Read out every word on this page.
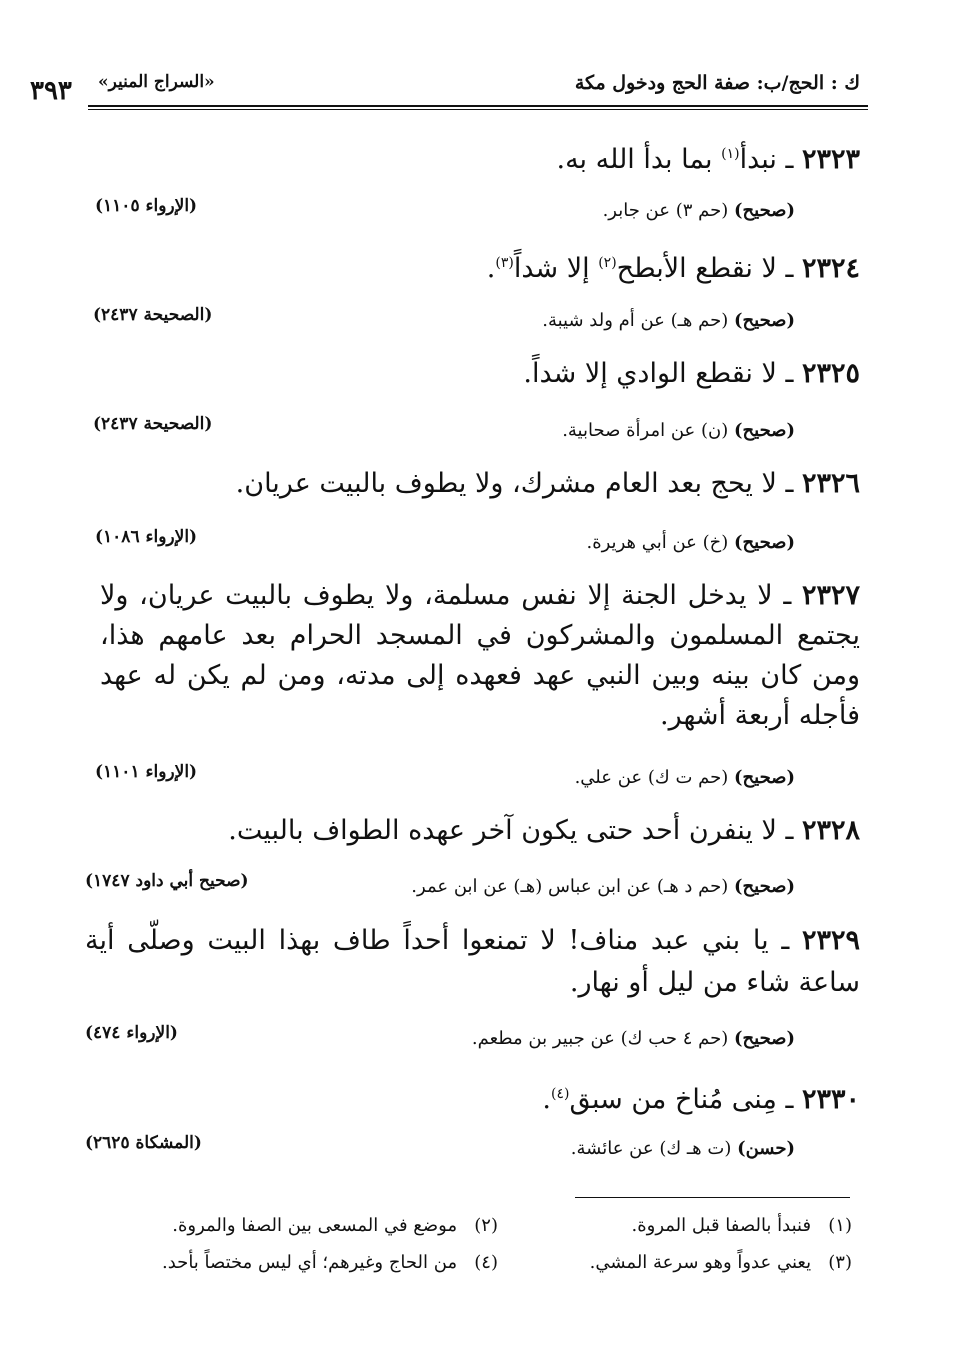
ك : الحج/ب: صفة الحج ودخول مكة
«السراج المنير»
٣٩٣
٢٣٢٣ ـ نبدأ$^{(١)}$ بما بدأ الله به.
(صحيح) (حم ٣) عن جابر.
(الإرواء ١١٠٥)
٢٣٢٤ ـ لا نقطع الأبطح$^{(٢)}$ إلا شداً$^{(٣)}$.
(صحيح) (حم هـ) عن أم ولد شيبة.
(الصحيحة ٢٤٣٧)
٢٣٢٥ ـ لا نقطع الوادي إلا شداً.
(صحيح) (ن) عن امرأة صحابية.
(الصحيحة ٢٤٣٧)
٢٣٢٦ ـ لا يحج بعد العام مشرك، ولا يطوف بالبيت عريان.
(صحيح) (خ) عن أبي هريرة.
(الإرواء ١٠٨٦)
٢٣٢٧ ـ لا يدخل الجنة إلا نفس مسلمة، ولا يطوف بالبيت عريان، ولا يجتمع المسلمون والمشركون في المسجد الحرام بعد عامهم هذا، ومن كان بينه وبين النبي عهد فعهده إلى مدته، ومن لم يكن له عهد فأجله أربعة أشهر.
(صحيح) (حم ت ك) عن علي.
(الإرواء ١١٠١)
٢٣٢٨ ـ لا ينفرن أحد حتى يكون آخر عهده الطواف بالبيت.
(صحيح) (حم د هـ) عن ابن عباس (هـ) عن ابن عمر.
(صحيح أبي داود ١٧٤٧)
٢٣٢٩ ـ يا بني عبد مناف! لا تمنعوا أحداً طاف بهذا البيت وصلّى أية ساعة شاء من ليل أو نهار.
(صحيح) (حم ٤ حب ك) عن جبير بن مطعم.
(الإرواء ٤٧٤)
٢٣٣٠ ـ مِنى مُناخ من سبق$^{(٤)}$.
(حسن) (ت هـ ك) عن عائشة.
(المشكاة ٢٦٢٥)
(١)   فنبدأ بالصفا قبل المروة.
(٢)   موضع في المسعى بين الصفا والمروة.
(٣)   يعني عدواً وهو سرعة المشي.
(٤)   من الحاج وغيرهم؛ أي ليس مختصاً بأحد.
